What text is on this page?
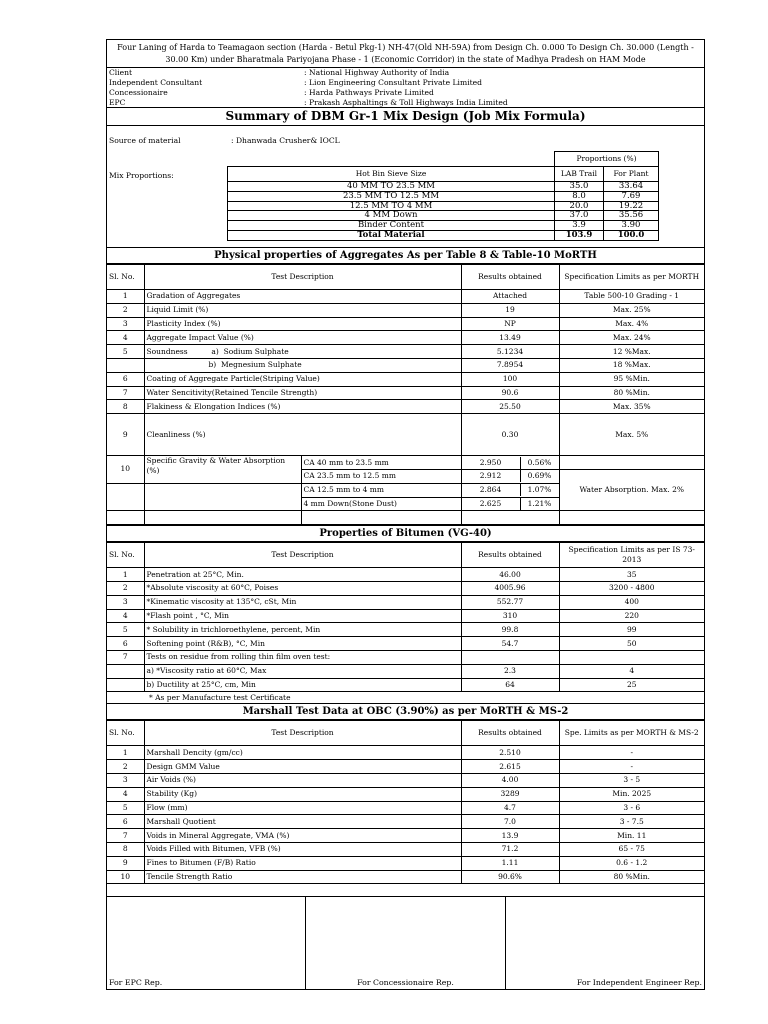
Four Laning of Harda to Teamagaon section (Harda - Betul Pkg-1) NH-47(Old NH-59A) from Design Ch. 0.000 To Design Ch. 30.000 (Length - 30.00 Km) under Bharatmala Pariyojana Phase - 1 (Economic Corridor) in the state of Madhya Pradesh on HAM Mode
Client	: National Highway Authority of India
Independent Consultant	: Lion Engineering Consultant Private Limited
Concessionaire	: Harda Pathways Private Limited
EPC	: Prakash Asphaltings & Toll Highways India Limited
Summary of DBM Gr-1 Mix Design (Job Mix Formula)
Source of material	: Dhanwada Crusher& IOCL
Mix Proportions:
	Proportions (%)	
Hot Bin Sieve Size	LAB Trail	For Plant
40 MM TO 23.5 MM	35.0	33.64
23.5 MM TO 12.5 MM	8.0	7.69
12.5 MM TO 4 MM	20.0	19.22
4 MM Down	37.0	35.56
Binder Content	3.9	3.90
Total Material	103.9	100.0
Physical properties of Aggregates As per Table 8 & Table-10 MoRTH
Sl. No.	Test Description		Results obtained	Specification Limits as per MORTH
1	Gradation of Aggregates		Attached	Table 500-10 Grading - 1
2	Liquid Limit (%)		19	Max. 25%
3	Plasticity Index (%)		NP	Max. 4%
4	Aggregate Impact Value (%)		13.49	Max. 24%
5	Soundness          a)  Sodium Sulphate		5.1234	12 %Max.
	b)  Megnesium Sulphate		7.8954	18 %Max.
6	Coating of Aggregate Particle(Striping Value)		100	95 %Min.
7	Water Sencitivity(Retained Tencile Strength)		90.6	80 %Min.
8	Flakiness & Elongation Indices (%)		25.50	Max. 35%
9	Cleanliness (%)		0.30	Max. 5%
10	Specific Gravity & Water Absorption (%)	CA 40 mm to 23.5 mm	2.950 0.56%	

		CA 23.5 mm to 12.5 mm	2.912 0.69%	Water Absorption. Max. 2%
		CA 12.5 mm to 4 mm	2.864 1.07%	

		4 mm Down(Stone Dust)	2.625 1.21%	

Properties of Bitumen (VG-40)
Sl. No.	Test Description	Results obtained	Specification Limits as per IS 73-2013
1	Penetration at 25°C, Min.	46.00	35
2	*Absolute viscosity at 60°C, Poises	4005.96	3200 - 4800
3	*Kinematic viscosity at 135°C, cSt, Min	552.77	400
4	*Flash point , °C, Min	310	220
5	* Solubility in trichloroethylene, percent, Min	99.8	99
6	Softening point (R&B), °C, Min	54.7	50
7	Tests on residue from rolling thin film oven test:		
	a) *Viscosity ratio at 60°C, Max	2.3	4
	b) Ductility at 25°C, cm, Min	64	25
* As per Manufacture test Certificate
Marshall Test Data at OBC (3.90%) as per MoRTH & MS-2
Sl. No.	Test Description	Results obtained	Spe. Limits as per MORTH & MS-2
1	Marshall Dencity (gm/cc)	2.510	-
2	Design GMM Value	2.615	-
3	Air Voids (%)	4.00	3 - 5
4	Stability (Kg)	3289	Min. 2025
5	Flow (mm)	4.7	3 - 6
6	Marshall Quotient	7.0	3 - 7.5
7	Voids in Mineral Aggregate, VMA (%)	13.9	Min. 11
8	Voids Filled with Bitumen, VFB (%)	71.2	65 - 75
9	Fines to Bitumen (F/B) Ratio	1.11	0.6 - 1.2
10	Tencile Strength Ratio	90.6%	80 %Min.
For EPC Rep.	For Concessionaire Rep.	For Independent Engineer Rep.
